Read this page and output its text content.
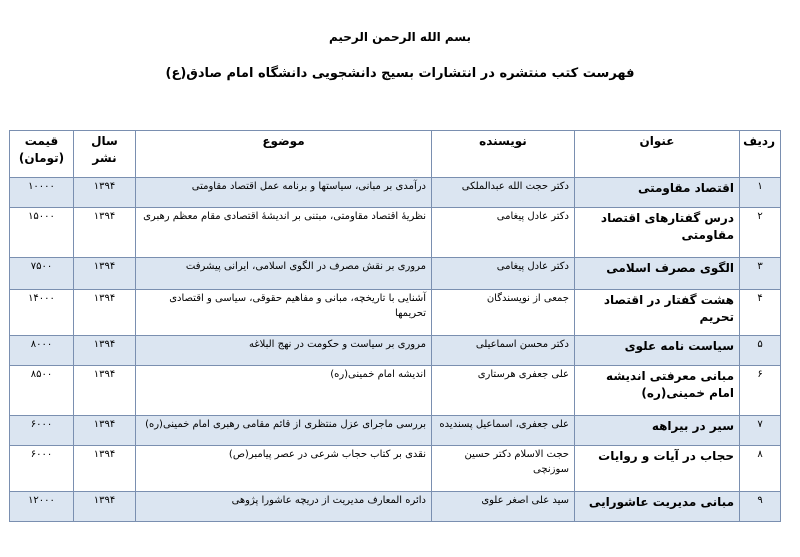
بسم الله الرحمن الرحیم
فهرست کتب منتشره در انتشارات بسیج دانشجویی دانشگاه امام صادق(ع)
ردیف	عنوان	نویسنده	موضوع	سال نشر	قیمت (تومان)
۱	اقتصاد مقاومتی	دکتر حجت الله عبدالملکی	درآمدی بر مبانی، سیاستها و برنامه عمل اقتصاد مقاومتی	۱۳۹۴	۱۰۰۰۰
۲	درس گفتارهای اقتصاد مقاومتی	دکتر عادل پیغامی	نظریهٔ اقتصاد مقاومتی، مبتنی بر اندیشهٔ اقتصادی مقام معظم رهبری	۱۳۹۴	۱۵۰۰۰
۳	الگوی مصرف اسلامی	دکتر عادل پیغامی	مروری بر نقش مصرف در الگوی اسلامی، ایرانی پیشرفت	۱۳۹۴	۷۵۰۰
۴	هشت گفتار در اقتصاد تحریم	جمعی از نویسندگان	آشنایی با تاریخچه، مبانی و مفاهیم حقوقی، سیاسی و اقتصادی تحریمها	۱۳۹۴	۱۴۰۰۰
۵	سیاست نامه علوی	دکتر محسن اسماعیلی	مروری بر سیاست و حکومت در نهج البلاغه	۱۳۹۴	۸۰۰۰
۶	مبانی معرفتی اندیشه امام خمینی(ره)	علی جعفری هرستاری	اندیشه امام خمینی(ره)	۱۳۹۴	۸۵۰۰
۷	سیر در بیراهه	علی جعفری، اسماعیل پسندیده	بررسی ماجرای عزل منتظری از قائم مقامی رهبری امام خمینی(ره)	۱۳۹۴	۶۰۰۰
۸	حجاب در آیات و روایات	حجت الاسلام دکتر حسین سوزنچی	نقدی بر کتاب حجاب شرعی در عصر پیامبر(ص)	۱۳۹۴	۶۰۰۰
۹	مبانی مدیریت عاشورایی	سید علی اصغر علوی	دائره المعارف مدیریت از دریچه عاشورا پژوهی	۱۳۹۴	۱۲۰۰۰
